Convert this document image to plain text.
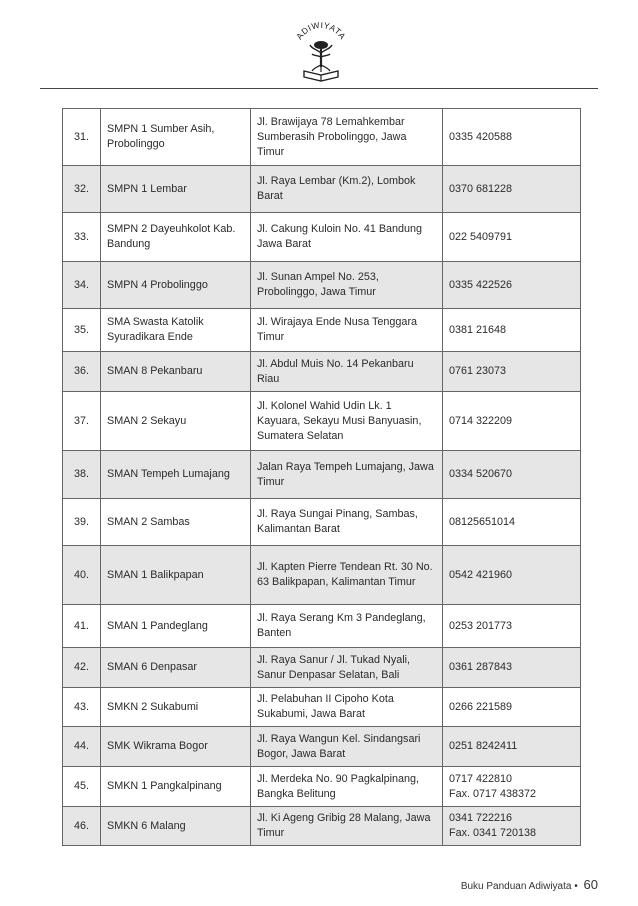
ADIWIYATA
31.	SMPN 1 Sumber Asih, Probolinggo	Jl. Brawijaya 78 Lemahkembar Sumberasih Probolinggo, Jawa Timur	0335 420588
32.	SMPN 1 Lembar	Jl. Raya Lembar (Km.2), Lombok Barat	0370 681228
33.	SMPN 2 Dayeuhkolot Kab. Bandung	Jl. Cakung Kuloin No. 41 Bandung Jawa Barat	022 5409791
34.	SMPN 4 Probolinggo	Jl. Sunan Ampel No. 253, Probolinggo, Jawa Timur	0335 422526
35.	SMA Swasta Katolik Syuradikara Ende	Jl. Wirajaya Ende Nusa Tenggara Timur	0381 21648
36.	SMAN 8 Pekanbaru	Jl. Abdul Muis No. 14 Pekanbaru Riau	0761 23073
37.	SMAN 2 Sekayu	Jl. Kolonel Wahid Udin Lk. 1 Kayuara, Sekayu Musi Banyuasin, Sumatera Selatan	0714 322209
38.	SMAN Tempeh Lumajang	Jalan Raya Tempeh Lumajang, Jawa Timur	0334 520670
39.	SMAN 2 Sambas	Jl. Raya Sungai Pinang, Sambas, Kalimantan Barat	08125651014
40.	SMAN 1 Balikpapan	Jl. Kapten Pierre Tendean Rt. 30 No. 63 Balikpapan, Kalimantan Timur	0542 421960
41.	SMAN 1 Pandeglang	Jl. Raya Serang Km 3 Pandeglang, Banten	0253 201773
42.	SMAN 6 Denpasar	Jl. Raya Sanur / Jl. Tukad Nyali, Sanur Denpasar Selatan, Bali	0361 287843
43.	SMKN 2 Sukabumi	Jl. Pelabuhan II Cipoho Kota Sukabumi, Jawa Barat	0266 221589
44.	SMK Wikrama Bogor	Jl. Raya Wangun Kel. Sindangsari Bogor, Jawa Barat	0251 8242411
45.	SMKN 1 Pangkalpinang	Jl. Merdeka No. 90 Pagkalpinang, Bangka Belitung	0717 422810
Fax. 0717 438372

46.	SMKN 6 Malang	Jl. Ki Ageng Gribig 28 Malang, Jawa Timur	0341 722216
Fax. 0341 720138
Buku Panduan Adiwiyata • 60
